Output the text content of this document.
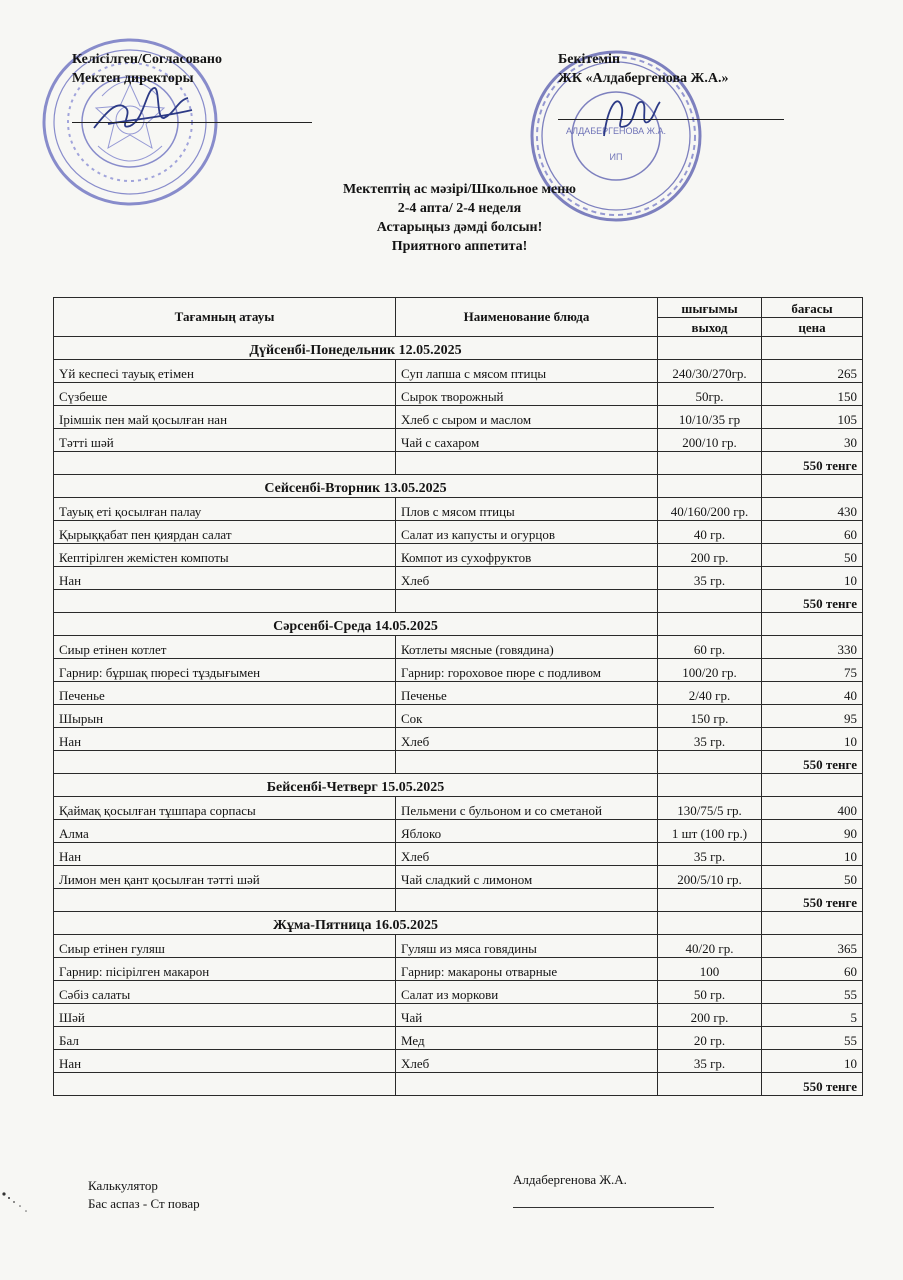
АЛДАБЕРГЕНОВА Ж.А.
ИП
Келісілген/Согласовано
Мектеп директоры
Бекітемін
ЖК «Алдабергенова Ж.А.»
Мектептің ас мәзірі/Школьное меню
2-4 апта/ 2-4 неделя
Астарыңыз дәмді болсын!
Приятного аппетита!
Тағамның атауы	Наименование блюда	шығымы	бағасы
		выход	цена
Дүйсенбі-Понедельник 12.05.2025			
Үй кеспесі тауық етімен	Суп лапша с мясом птицы	240/30/270гр.	265
Сүзбеше	Сырок творожный	50гр.	150
Ірімшік пен май қосылған нан	Хлеб с сыром и маслом	10/10/35 гр	105
Тәтті шәй	Чай с сахаром	200/10 гр.	30
			550 тенге
Сейсенбі-Вторник 13.05.2025			
Тауық еті қосылған палау	Плов с мясом птицы	40/160/200 гр.	430
Қырыққабат пен қиярдан салат	Салат из капусты и огурцов	40 гр.	60
Кептірілген жемістен компоты	Компот из сухофруктов	200 гр.	50
Нан	Хлеб	35 гр.	10
			550 тенге
Сәрсенбі-Среда 14.05.2025			
Сиыр етінен котлет	Котлеты мясные (говядина)	60 гр.	330
Гарнир: бұршақ пюресі тұздығымен	Гарнир: гороховое пюре с подливом	100/20 гр.	75
Печенье	Печенье	2/40 гр.	40
Шырын	Сок	150 гр.	95
Нан	Хлеб	35 гр.	10
			550 тенге
Бейсенбі-Четверг 15.05.2025			
Қаймақ қосылған тұшпара сорпасы	Пельмени с бульоном и со сметаной	130/75/5 гр.	400
Алма	Яблоко	1 шт (100 гр.)	90
Нан	Хлеб	35 гр.	10
Лимон мен қант қосылған тәтті шәй	Чай сладкий с лимоном	200/5/10 гр.	50
			550 тенге
Жұма-Пятница 16.05.2025			
Сиыр етінен гуляш	Гуляш из мяса говядины	40/20 гр.	365
Гарнир: пісірілген макарон	Гарнир: макароны отварные	100	60
Сәбіз салаты	Салат из моркови	50 гр.	55
Шәй	Чай	200 гр.	5
Бал	Мед	20 гр.	55
Нан	Хлеб	35 гр.	10
			550 тенге
Калькулятор
Бас аспаз - Ст повар
Алдабергенова Ж.А.
